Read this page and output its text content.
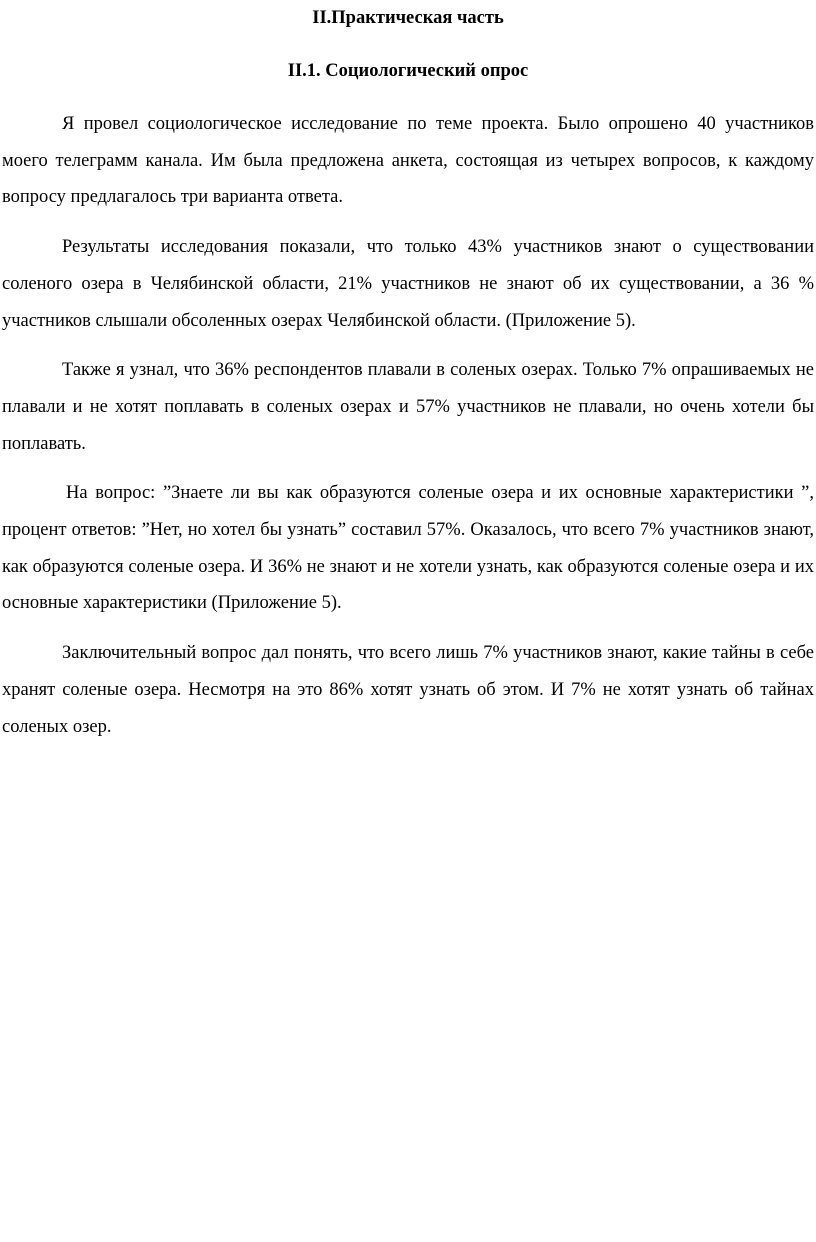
II.Практическая часть
II.1. Социологический опрос

Я провел социологическое исследование по теме проекта. Было опрошено 40 участников моего телеграмм канала. Им была предложена анкета, состоящая из четырех вопросов, к каждому вопросу предлагалось три варианта ответа.

Результаты исследования показали, что только 43% участников знают о существовании соленого озера в Челябинской области, 21% участников не знают об их существовании, а 36 % участников слышали обсоленных озерах Челябинской области. (Приложение 5).

Также я узнал, что 36% респондентов плавали в соленых озерах. Только 7% опрашиваемых не плавали и не хотят поплавать в соленых озерах и 57% участников не плавали, но очень хотели бы поплавать.

На вопрос: ”Знаете ли вы как образуются соленые озера и их основные характеристики ”, процент ответов: ”Нет, но хотел бы узнать” составил 57%. Оказалось, что всего 7% участников знают, как образуются соленые озера. И 36% не знают и не хотели узнать, как образуются соленые озера и их основные характеристики (Приложение 5).

Заключительный вопрос дал понять, что всего лишь 7% участников знают, какие тайны в себе хранят соленые озера. Несмотря на это 86% хотят узнать об этом. И 7% не хотят узнать об тайнах соленых озер.
